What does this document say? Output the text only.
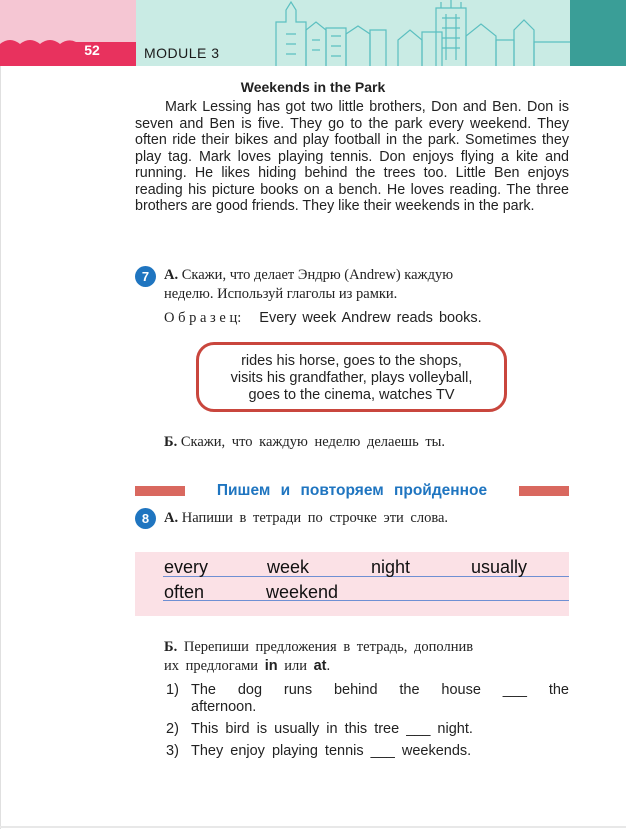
52	MODULE 3
Weekends in the Park
Mark Lessing has got two little brothers, Don and Ben. Don is seven and Ben is five. They go to the park every weekend. They often ride their bikes and play football in the park. Sometimes they play tag. Mark loves playing tennis. Don enjoys flying a kite and running. He likes hiding behind the trees too. Little Ben enjoys reading his picture books on a bench. He loves reading. The three brothers are good friends. They like their weekends in the park.
7	А. Скажи, что делает Эндрю (Andrew) каждую
неделю. Используй глаголы из рамки.
О б р а з е ц: Every week Andrew reads books.
rides his horse, goes to the shops,
visits his grandfather, plays volleyball,
goes to the cinema, watches TV
Б. Скажи, что каждую неделю делаешь ты.
Пишем и повторяем пройденное
8	А. Напиши в тетради по строчке эти слова.
every	week	night	usually
often	weekend
Б. Перепиши предложения в тетрадь, дополнив
их предлогами in или at.
1) The dog runs behind the house ___ the
afternoon.
2) This bird is usually in this tree ___ night.
3) They enjoy playing tennis ___ weekends.
